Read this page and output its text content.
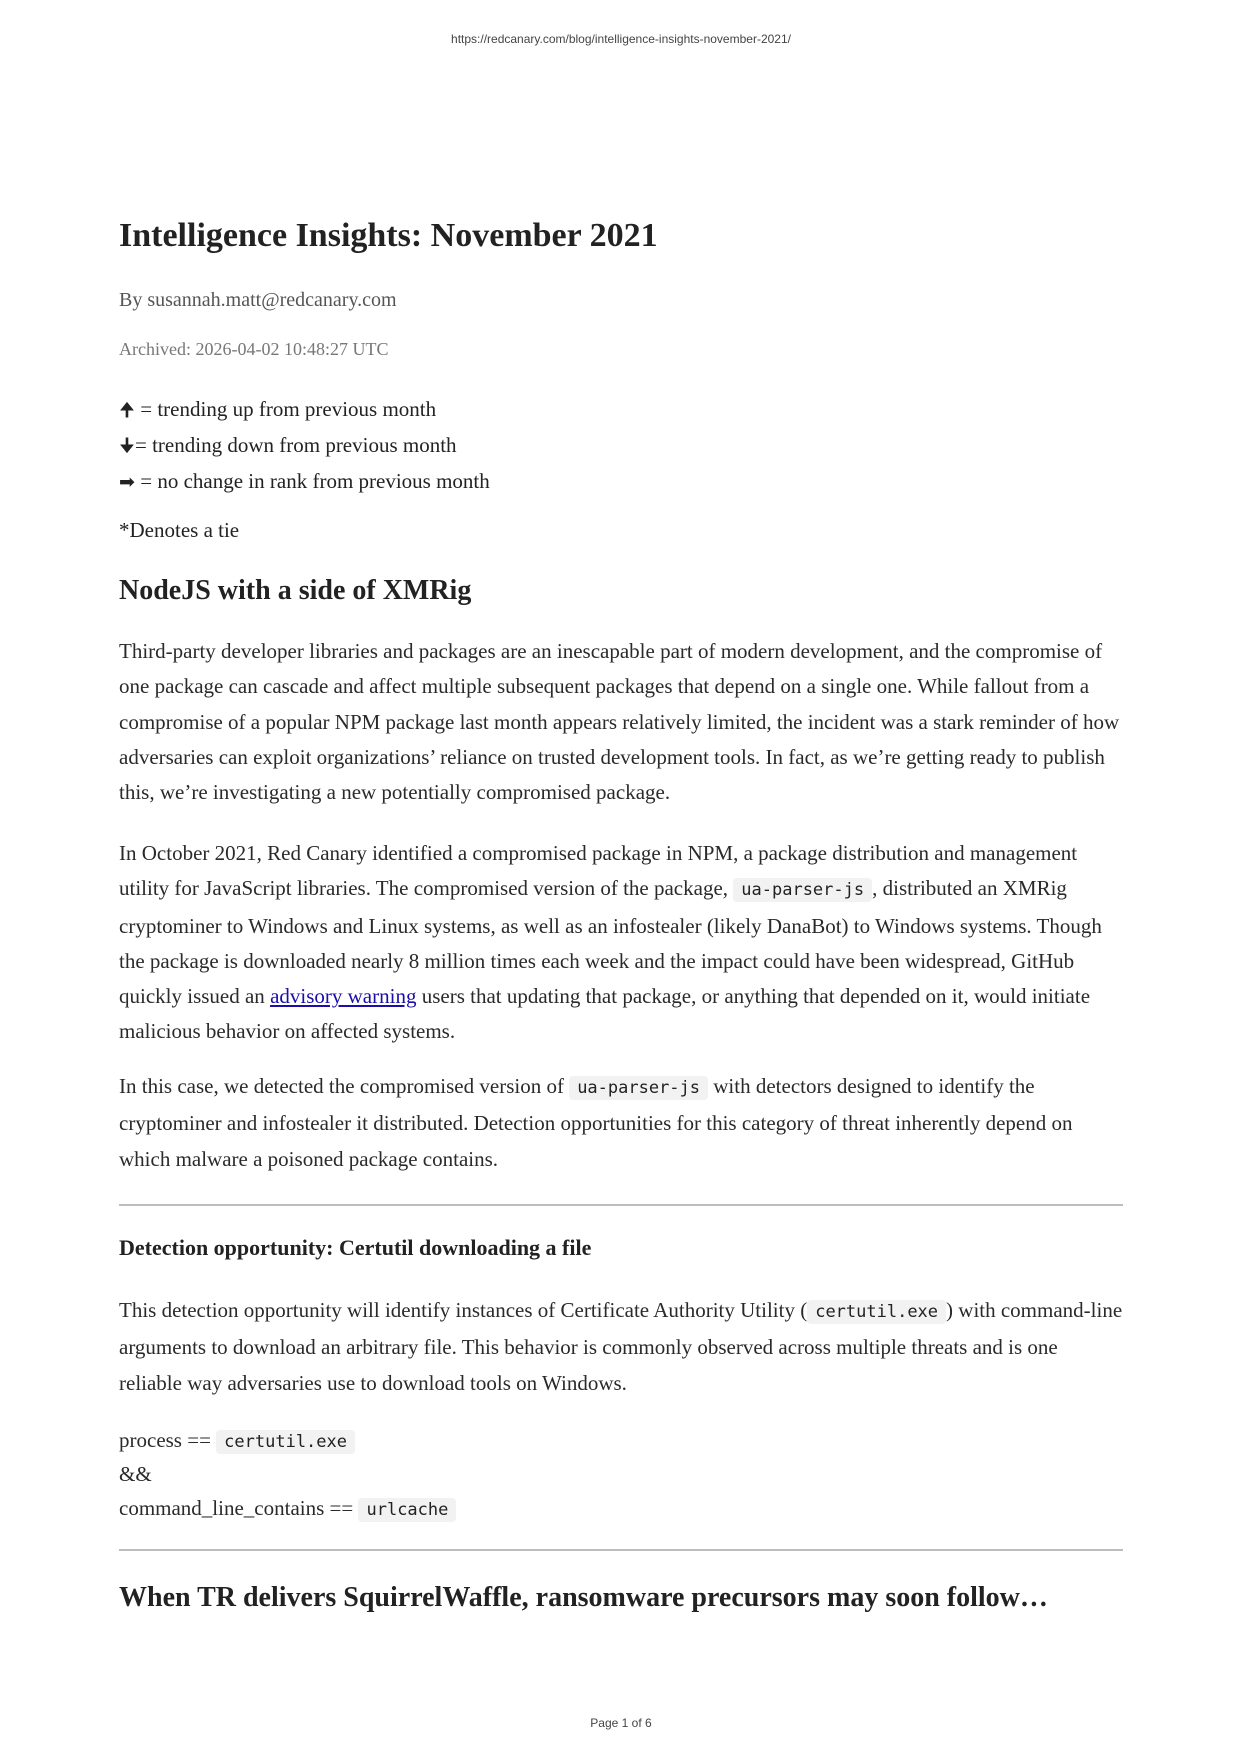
https://redcanary.com/blog/intelligence-insights-november-2021/
Intelligence Insights: November 2021
By susannah.matt@redcanary.com
Archived: 2026-04-02 10:48:27 UTC
🠉 = trending up from previous month
🠋= trending down from previous month
➡ = no change in rank from previous month
*Denotes a tie
NodeJS with a side of XMRig

Third-party developer libraries and packages are an inescapable part of modern development, and the compromise of one package can cascade and affect multiple subsequent packages that depend on a single one. While fallout from a compromise of a popular NPM package last month appears relatively limited, the incident was a stark reminder of how adversaries can exploit organizations’ reliance on trusted development tools. In fact, as we’re getting ready to publish this, we’re investigating a new potentially compromised package.

In October 2021, Red Canary identified a compromised package in NPM, a package distribution and management utility for JavaScript libraries. The compromised version of the package, ua-parser-js , distributed an XMRig cryptominer to Windows and Linux systems, as well as an infostealer (likely DanaBot) to Windows systems. Though the package is downloaded nearly 8 million times each week and the impact could have been widespread, GitHub quickly issued an advisory warning users that updating that package, or anything that depended on it, would initiate malicious behavior on affected systems.

In this case, we detected the compromised version of ua-parser-js with detectors designed to identify the cryptominer and infostealer it distributed. Detection opportunities for this category of threat inherently depend on which malware a poisoned package contains.

Detection opportunity: Certutil downloading a file

This detection opportunity will identify instances of Certificate Authority Utility ( certutil.exe ) with command-line arguments to download an arbitrary file. This behavior is commonly observed across multiple threats and is one reliable way adversaries use to download tools on Windows.

process == certutil.exe
&&
command_line_contains == urlcache
When TR delivers SquirrelWaffle, ransomware precursors may soon follow…
Page 1 of 6
